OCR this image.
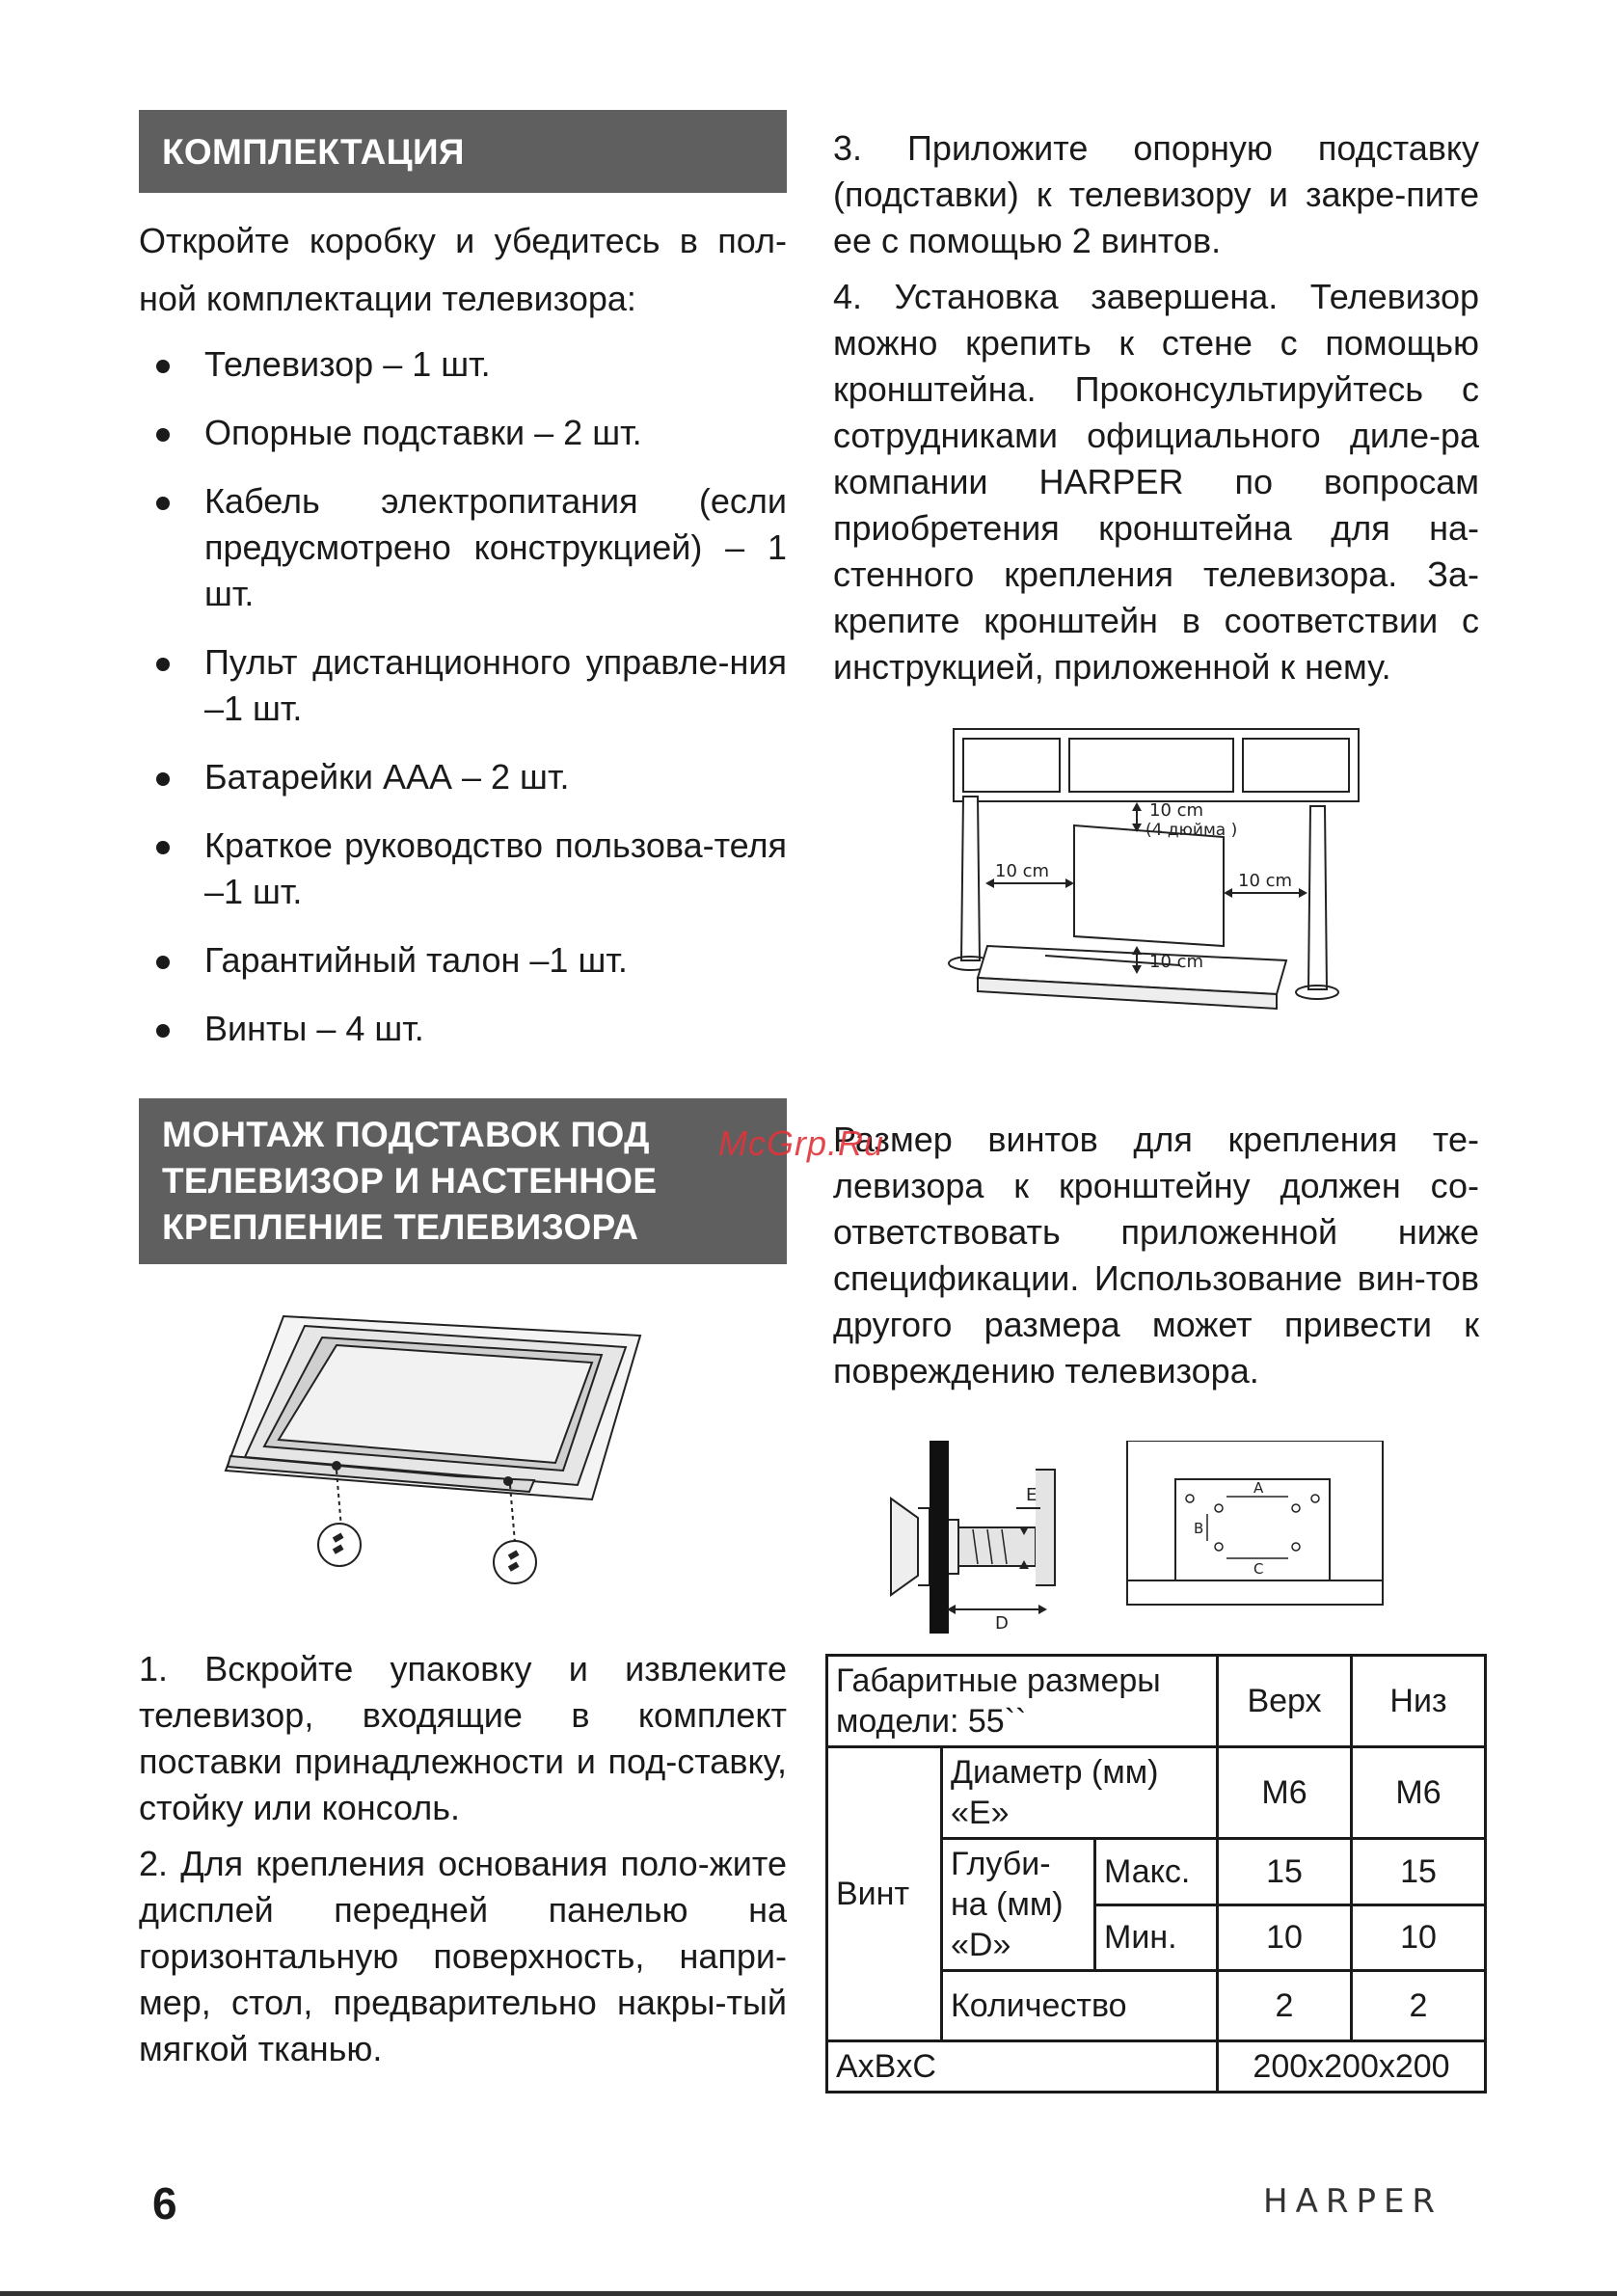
КОМПЛЕКТАЦИЯ

Откройте коробку и убедитесь в пол-ной комплектации телевизора:

Телевизор – 1 шт.
Опорные подставки – 2 шт.
Кабель электропитания (если предусмотрено конструкцией) – 1 шт.
Пульт дистанционного управле-ния –1 шт.
Батарейки ААА – 2 шт.
Краткое руководство пользова-теля –1 шт.
Гарантийный талон –1 шт.
Винты – 4 шт.
МОНТАЖ ПОДСТАВОК ПОД
ТЕЛЕВИЗОР И НАСТЕННОЕ
КРЕПЛЕНИЕ ТЕЛЕВИЗОРА

1. Вскройте упаковку и извлеките телевизор, входящие в комплект поставки принадлежности и под-ставку, стойку или консоль.

2. Для крепления основания поло-жите дисплей передней панелью на горизонтальную поверхность, напри-мер, стол, предварительно накры-тый мягкой тканью.

3. Приложите опорную подставку (подставки) к телевизору и закре-пите ее с помощью 2 винтов.

4. Установка завершена. Телевизор можно крепить к стене с помощью кронштейна. Проконсультируйтесь с сотрудниками официального диле-ра компании HARPER по вопросам приобретения кронштейна для на-стенного крепления телевизора. За-крепите кронштейн в соответствии с инструкцией, приложенной к нему.

10 cm
(4 дюйма )
10 cm	10 cm
10 cm

Размер винтов для крепления те-левизора к кронштейну должен со-ответствовать приложенной ниже спецификации. Использование вин-тов другого размера может привести к повреждению телевизора.

E
D
A
B
C
McGrp.Ru
Габаритные размеры модели: 55``			Верх	Низ
Винт	Диаметр (мм) «E»		M6	M6
	Глуби-на (мм) «D»	Макс.	15	15
		Мин.	10	10
	Количество		2	2
AxBxC			200x200x200	
6	HARPER
